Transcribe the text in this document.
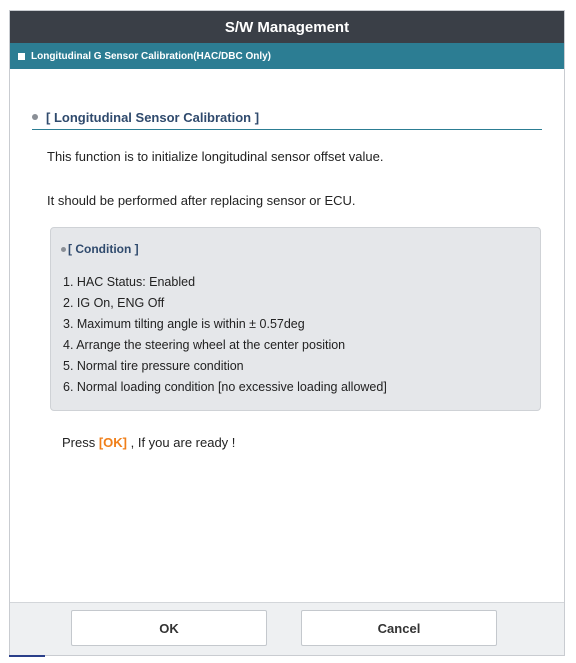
S/W Management
Longitudinal G Sensor Calibration(HAC/DBC Only)
[ Longitudinal Sensor Calibration ]
This function is to initialize longitudinal sensor offset value.
It should be performed after replacing sensor or ECU.
[ Condition ]
1. HAC Status: Enabled
2. IG On, ENG Off
3. Maximum tilting angle is within ± 0.57deg
4. Arrange the steering wheel at the center position
5. Normal tire pressure condition
6. Normal loading condition [no excessive loading allowed]
Press [OK] , If you are ready !
OK	Cancel
